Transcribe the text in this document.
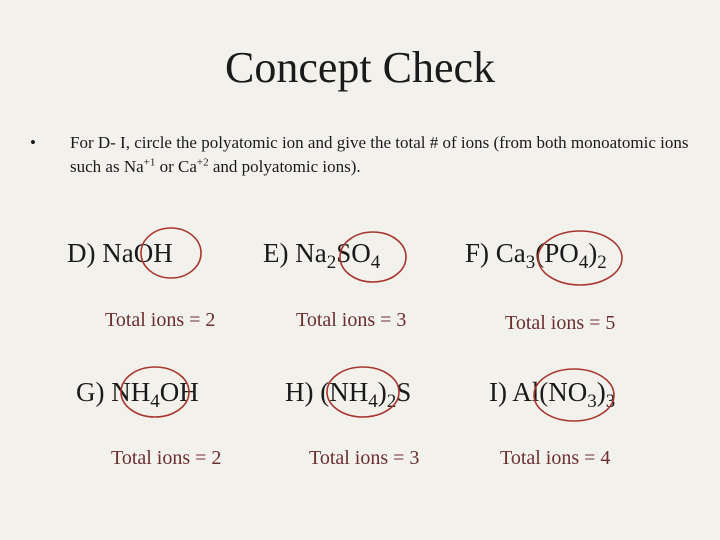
Concept Check
• For D- I, circle the polyatomic ion and give the total # of ions (from both monoatomic ions such as $Na^{+1}$ or $Ca^{+2}$ and polyatomic ions).
D) NaOH
Total ions = 2
E) $Na_2SO_4$
Total ions = 3
F) $Ca_3(PO_4)_2$
Total ions = 5
G) $NH_4OH$
Total ions = 2
H) $(NH_4)_2S$
Total ions = 3
I) $Al(NO_3)_3$
Total ions = 4
